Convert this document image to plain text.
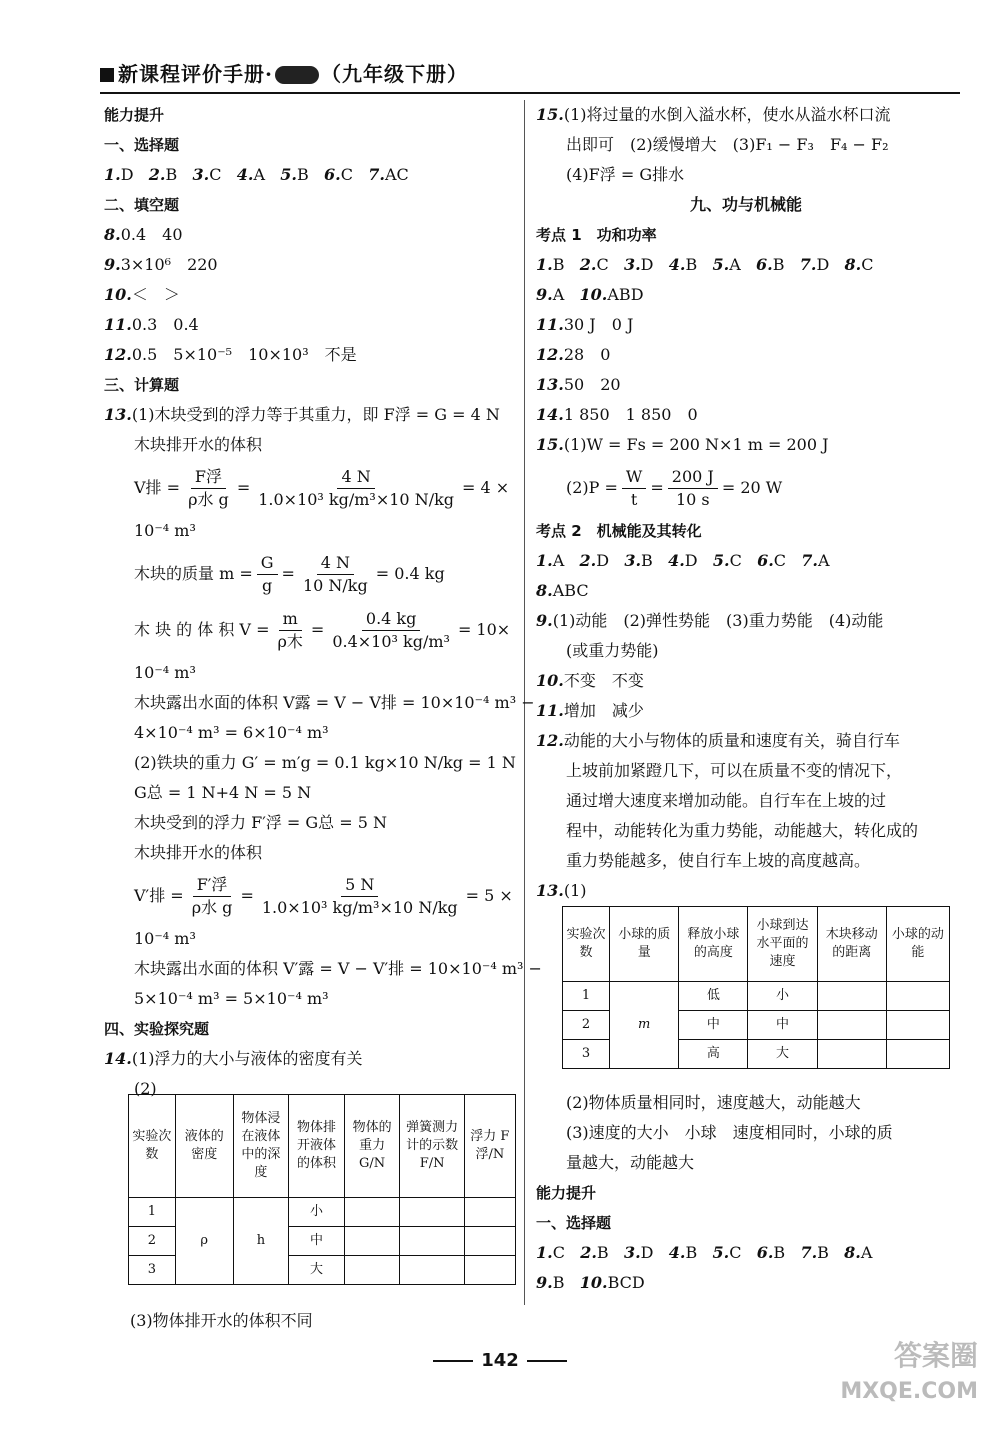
新课程评价手册· （九年级下册）
能力提升
一、选择题
1.D 2.B 3.C 4.A 5.B 6.C 7.AC
二、填空题
8.0.4　40
9.3×10⁶　220
10.＜　＞
11.0.3　0.4
12.0.5　5×10⁻⁵　10×10³　不是
三、计算题
13.(1)木块受到的浮力等于其重力，即 F浮 = G = 4 N
木块排开水的体积
V排 = $\frac{\text{F浮}}{\text{ρ水 g}} = \frac{4 N}{\text{1.0×10³ kg/m³×10 N/kg}} = 4$ ×
10⁻⁴ m³
木块的质量 $m = \frac{G}{g} = \frac{4 N}{10 N/kg} = 0.4$ kg
木 块 的 体 积 $V = \frac{m}{\text{ρ木}} = \frac{0.4 kg}{\text{0.4×10³ kg/m³}} = 10\times$
10⁻⁴ m³
木块露出水面的体积 V露 = V − V排 = 10×10⁻⁴ m³ −
4×10⁻⁴ m³ = 6×10⁻⁴ m³
(2)铁块的重力 G′ = m′g = 0.1 kg×10 N/kg = 1 N
G总 = 1 N+4 N = 5 N
木块受到的浮力 F′浮 = G总 = 5 N
木块排开水的体积
V′排 = $\frac{\text{F′浮}}{\text{ρ水 g}} = \frac{5 N}{\text{1.0×10³ kg/m³×10 N/kg}} = 5$ ×
10⁻⁴ m³
木块露出水面的体积 V′露 = V − V′排 = 10×10⁻⁴ m³ −
5×10⁻⁴ m³ = 5×10⁻⁴ m³
四、实验探究题
14.(1)浮力的大小与液体的密度有关
(2)
实验次数	液体的密度	物体浸在液体中的深度	物体排开液体的体积	物体的重力 G/N	弹簧测力计的示数 F/N	浮力 F浮/N
1	ρ	h	小			
2			中			
3			大			
(3)物体排开水的体积不同
15.(1)将过量的水倒入溢水杯，使水从溢水杯口流
出即可　(2)缓慢增大　(3)F₁ − F₃　F₄ − F₂
(4)F浮 = G排水
九、功与机械能
考点 1　功和功率
1.B 2.C 3.D 4.B 5.A 6.B 7.D 8.C
9.A 10.ABD
11.30 J　0 J
12.28　0
13.50　20
14.1 850　1 850　0
15.(1)W = Fs = 200 N×1 m = 200 J
$(2)P = \frac{W}{t} = \frac{200 J}{10 s} = 20$ W
考点 2　机械能及其转化
1.A 2.D 3.B 4.D 5.C 6.C 7.A
8.ABC
9.(1)动能　(2)弹性势能　(3)重力势能　(4)动能
(或重力势能)
10.不变　不变
11.增加　减少
12.动能的大小与物体的质量和速度有关，骑自行车
上坡前加紧蹬几下，可以在质量不变的情况下，
通过增大速度来增加动能。自行车在上坡的过
程中，动能转化为重力势能，动能越大，转化成的
重力势能越多，使自行车上坡的高度越高。
13.(1)
实验次数	小球的质量	释放小球的高度	小球到达水平面的速度	木块移动的距离	小球的动能
1	m	低	小		
2		中	中		
3		高	大		
(2)物体质量相同时，速度越大，动能越大
(3)速度的大小　小球　速度相同时，小球的质
量越大，动能越大
能力提升
一、选择题
1.C 2.B 3.D 4.B 5.C 6.B 7.B 8.A
9.B 10.BCD
142	答案圈
MXQE.COM
